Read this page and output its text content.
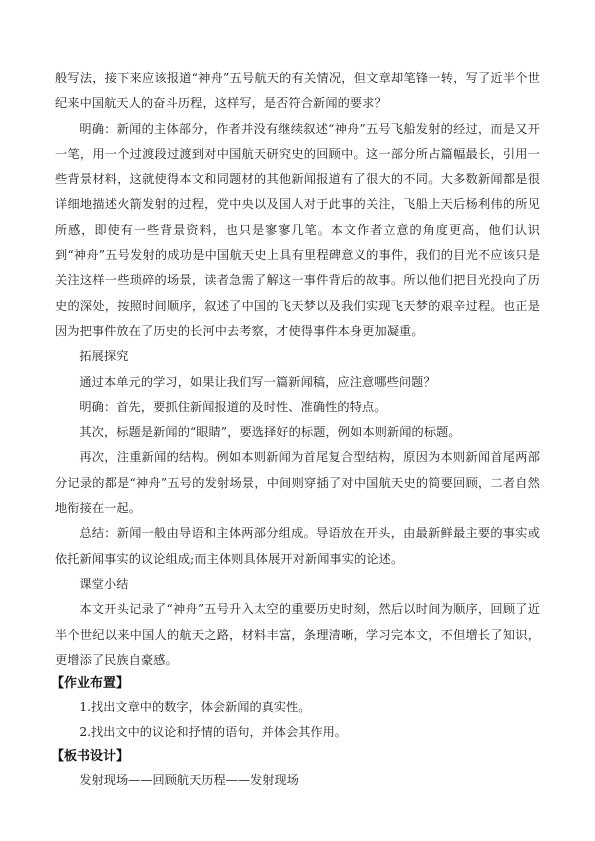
般写法，接下来应该报道“神舟”五号航天的有关情况，但文章却笔锋一转，写了近半个世纪来中国航天人的奋斗历程，这样写，是否符合新闻的要求？

明确：新闻的主体部分，作者并没有继续叙述“神舟”五号飞船发射的经过，而是又开一笔，用一个过渡段过渡到对中国航天研究史的回顾中。这一部分所占篇幅最长，引用一些背景材料，这就使得本文和同题材的其他新闻报道有了很大的不同。大多数新闻都是很详细地描述火箭发射的过程，党中央以及国人对于此事的关注，飞船上天后杨利伟的所见所感，即使有一些背景资料，也只是寥寥几笔。本文作者立意的角度更高，他们认识到“神舟”五号发射的成功是中国航天史上具有里程碑意义的事件，我们的目光不应该只是关注这样一些琐碎的场景，读者急需了解这一事件背后的故事。所以他们把目光投向了历史的深处，按照时间顺序，叙述了中国的飞天梦以及我们实现飞天梦的艰辛过程。也正是因为把事件放在了历史的长河中去考察，才使得事件本身更加凝重。

拓展探究

通过本单元的学习，如果让我们写一篇新闻稿，应注意哪些问题？

明确：首先，要抓住新闻报道的及时性、准确性的特点。

其次，标题是新闻的“眼睛”，要选择好的标题，例如本则新闻的标题。

再次，注重新闻的结构。例如本则新闻为首尾复合型结构，原因为本则新闻首尾两部分记录的都是“神舟”五号的发射场景，中间则穿插了对中国航天史的简要回顾，二者自然地衔接在一起。

总结：新闻一般由导语和主体两部分组成。导语放在开头，由最新鲜最主要的事实或依托新闻事实的议论组成;而主体则具体展开对新闻事实的论述。

课堂小结

本文开头记录了“神舟”五号升入太空的重要历史时刻，然后以时间为顺序，回顾了近半个世纪以来中国人的航天之路，材料丰富，条理清晰，学习完本文，不但增长了知识，更增添了民族自豪感。

【作业布置】

1.找出文章中的数字，体会新闻的真实性。

2.找出文中的议论和抒情的语句，并体会其作用。

【板书设计】

发射现场——回顾航天历程——发射现场
